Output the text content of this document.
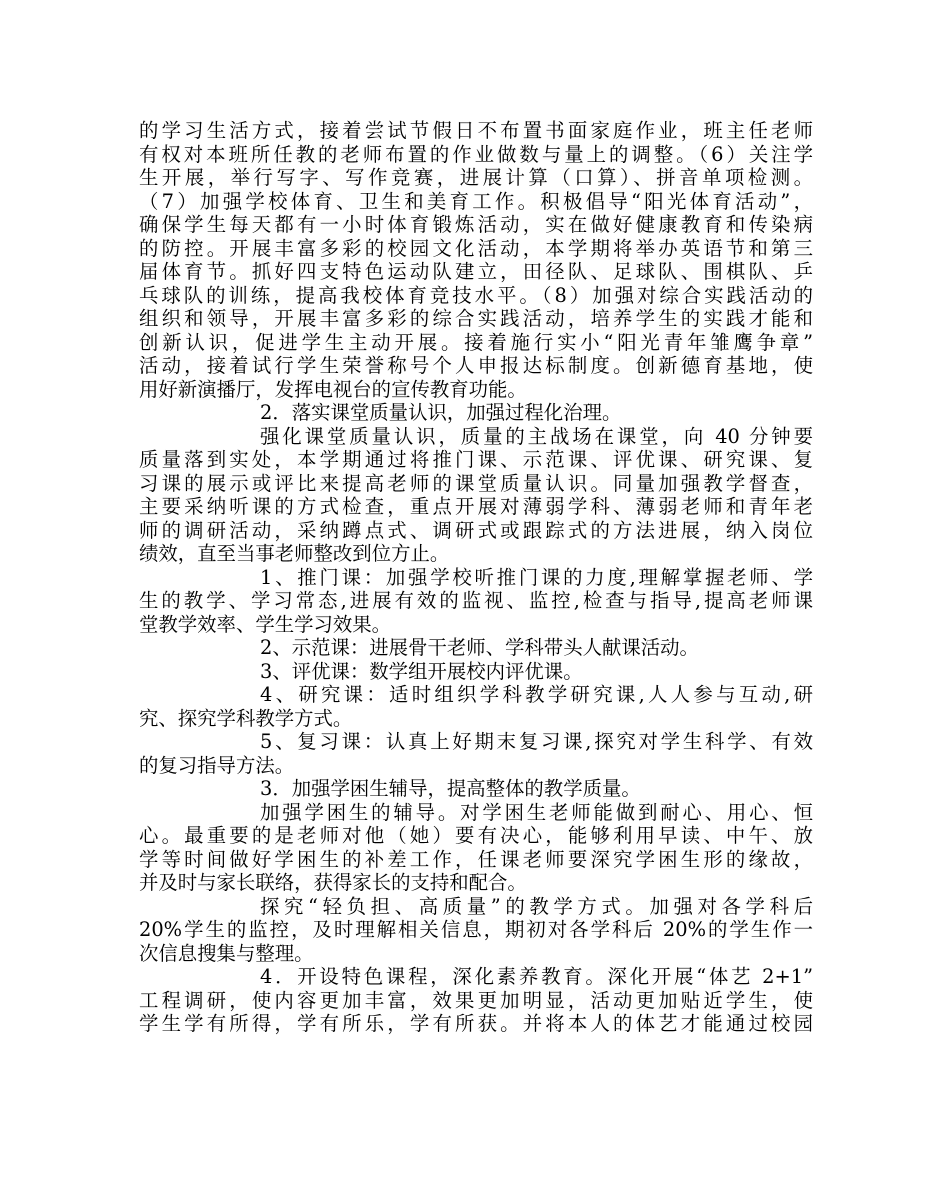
的学习生活方式，接着尝试节假日不布置书面家庭作业，班主任老师
有权对本班所任教的老师布置的作业做数与量上的调整。（6）关注学
生开展，举行写字、写作竞赛，进展计算（口算）、拼音单项检测。
（7）加强学校体育、卫生和美育工作。积极倡导“阳光体育活动”，
确保学生每天都有一小时体育锻炼活动，实在做好健康教育和传染病
的防控。开展丰富多彩的校园文化活动，本学期将举办英语节和第三
届体育节。抓好四支特色运动队建立，田径队、足球队、围棋队、乒
乓球队的训练，提高我校体育竞技水平。（8）加强对综合实践活动的
组织和领导，开展丰富多彩的综合实践活动，培养学生的实践才能和
创新认识，促进学生主动开展。接着施行实小“阳光青年雏鹰争章”
活动，接着试行学生荣誉称号个人申报达标制度。创新德育基地，使
用好新演播厅，发挥电视台的宣传教育功能。
2．落实课堂质量认识，加强过程化治理。
强化课堂质量认识，质量的主战场在课堂，向 40 分钟要
质量落到实处，本学期通过将推门课、示范课、评优课、研究课、复
习课的展示或评比来提高老师的课堂质量认识。同量加强教学督查，
主要采纳听课的方式检查，重点开展对薄弱学科、薄弱老师和青年老
师的调研活动，采纳蹲点式、调研式或跟踪式的方法进展，纳入岗位
绩效，直至当事老师整改到位方止。
1、推门课：加强学校听推门课的力度,理解掌握老师、学
生的教学、学习常态,进展有效的监视、监控,检查与指导,提高老师课
堂教学效率、学生学习效果。
2、示范课：进展骨干老师、学科带头人献课活动。
3、评优课：数学组开展校内评优课。
4、研究课：适时组织学科教学研究课,人人参与互动,研
究、探究学科教学方式。
5、复习课：认真上好期末复习课,探究对学生科学、有效
的复习指导方法。
3．加强学困生辅导，提高整体的教学质量。
加强学困生的辅导。对学困生老师能做到耐心、用心、恒
心。最重要的是老师对他（她）要有决心，能够利用早读、中午、放
学等时间做好学困生的补差工作，任课老师要深究学困生形的缘故，
并及时与家长联络，获得家长的支持和配合。
探究“轻负担、高质量”的教学方式。加强对各学科后
20%学生的监控，及时理解相关信息，期初对各学科后 20%的学生作一
次信息搜集与整理。
4．开设特色课程，深化素养教育。深化开展“体艺 2+1”
工程调研，使内容更加丰富，效果更加明显，活动更加贴近学生，使
学生学有所得，学有所乐，学有所获。并将本人的体艺才能通过校园
